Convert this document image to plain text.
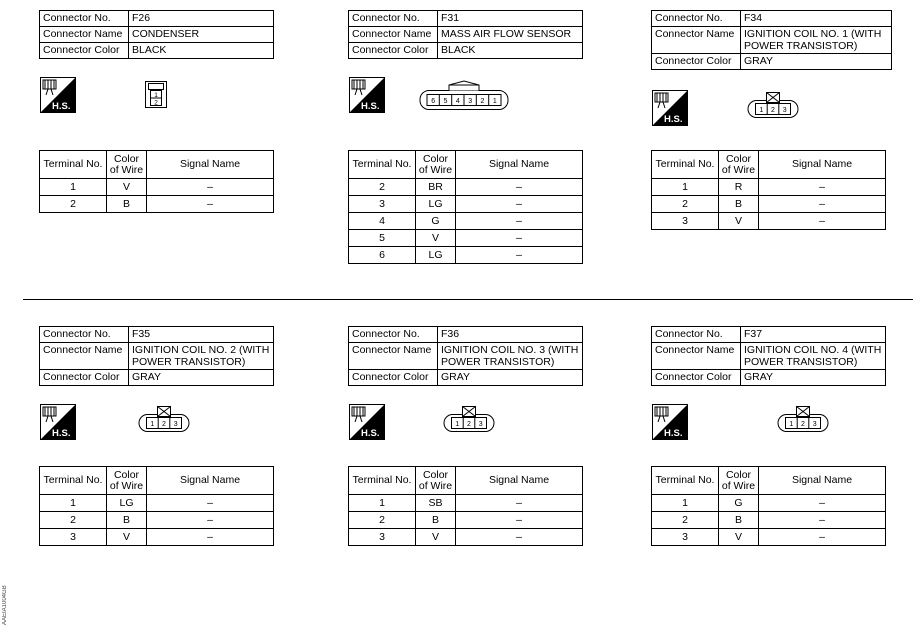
Connector No.	F26
Connector Name	CONDENSER
Connector Color	BLACK
H.S.
1
2
Terminal No.	Color of Wire	Signal Name
1	V	–
2	B	–
Connector No.	F31
Connector Name	MASS AIR FLOW SENSOR
Connector Color	BLACK
H.S.	6 5 4 3 2 1
Terminal No.	Color of Wire	Signal Name
2	BR	–
3	LG	–
4	G	–
5	V	–
6	LG	–
Connector No.	F34
Connector Name	IGNITION COIL NO. 1 (WITH POWER TRANSISTOR)
Connector Color	GRAY
H.S.
1 2 3
Terminal No.	Color of Wire	Signal Name
1	R	–
2	B	–
3	V	–
Connector No.	F35
Connector Name	IGNITION COIL NO. 2 (WITH POWER TRANSISTOR)
Connector Color	GRAY
H.S.
1 2 3
Terminal No.	Color of Wire	Signal Name
1	LG	–
2	B	–
3	V	–
Connector No.	F36
Connector Name	IGNITION COIL NO. 3 (WITH POWER TRANSISTOR)
Connector Color	GRAY
H.S.
1 2 3
Terminal No.	Color of Wire	Signal Name
1	SB	–
2	B	–
3	V	–
Connector No.	F37
Connector Name	IGNITION COIL NO. 4 (WITH POWER TRANSISTOR)
Connector Color	GRAY
H.S.
1 2 3
Terminal No.	Color of Wire	Signal Name
1	G	–
2	B	–
3	V	–
AAEIA1004GB
